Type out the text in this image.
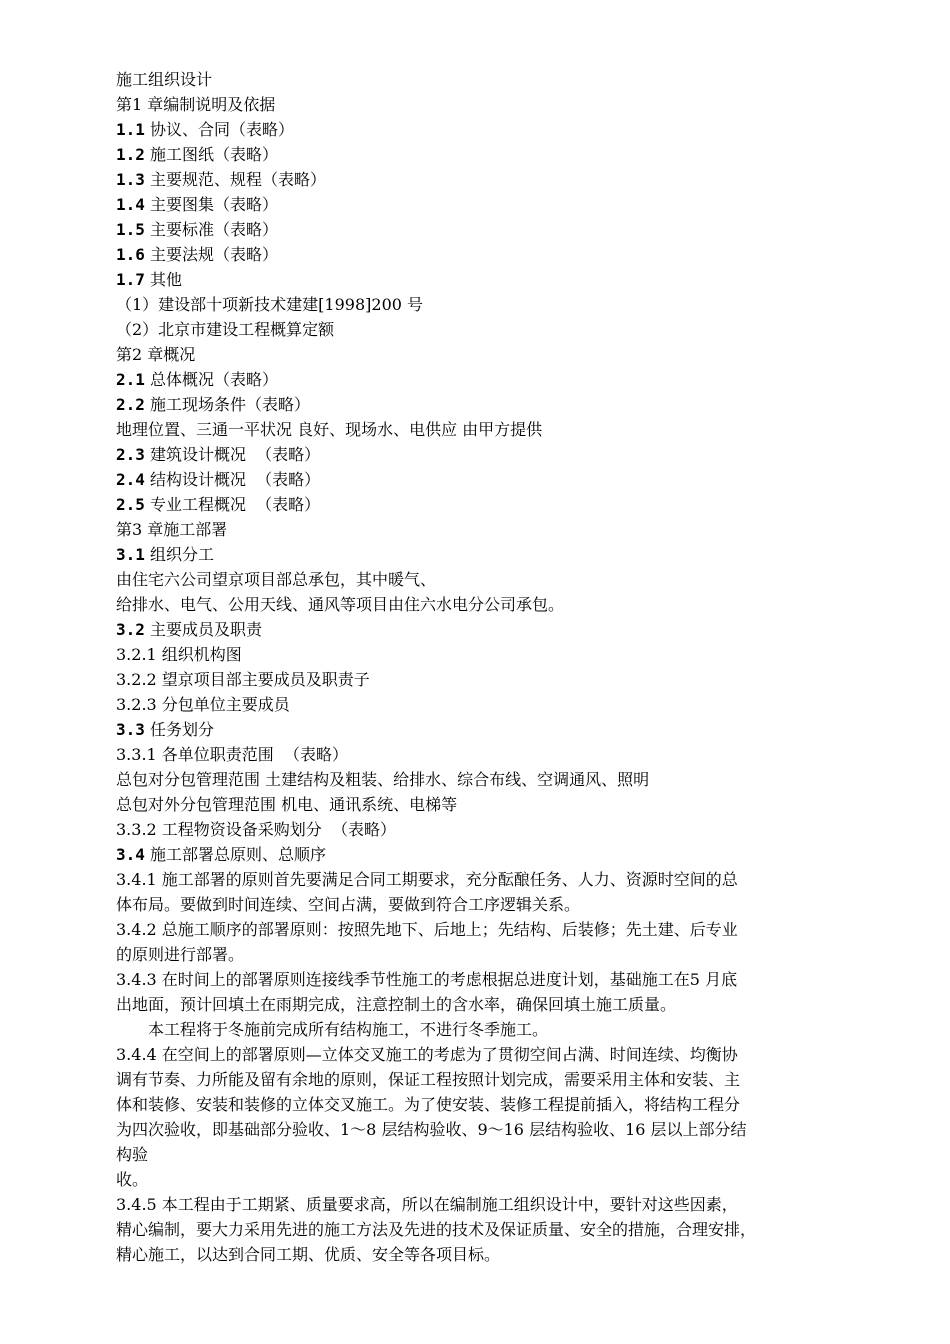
施工组织设计
第1 章编制说明及依据
1.1 协议、合同（表略）
1.2 施工图纸（表略）
1.3 主要规范、规程（表略）
1.4 主要图集（表略）
1.5 主要标准（表略）
1.6 主要法规（表略）
1.7 其他
（1）建设部十项新技术建建[1998]200 号
（2）北京市建设工程概算定额
第2 章概况
2.1 总体概况（表略）
2.2 施工现场条件（表略）
地理位置、三通一平状况 良好、现场水、电供应 由甲方提供
2.3 建筑设计概况  （表略）
2.4 结构设计概况  （表略）
2.5 专业工程概况  （表略）
第3 章施工部署
3.1 组织分工
由住宅六公司望京项目部总承包，其中暖气、
给排水、电气、公用天线、通风等项目由住六水电分公司承包。
3.2 主要成员及职责
3.2.1 组织机构图
3.2.2 望京项目部主要成员及职责子
3.2.3 分包单位主要成员
3.3 任务划分
3.3.1 各单位职责范围  （表略）
总包对分包管理范围 土建结构及粗装、给排水、综合布线、空调通风、照明
总包对外分包管理范围 机电、通讯系统、电梯等
3.3.2 工程物资设备采购划分  （表略）
3.4 施工部署总原则、总顺序
3.4.1 施工部署的原则首先要满足合同工期要求，充分酝酿任务、人力、资源时空间的总
体布局。要做到时间连续、空间占满，要做到符合工序逻辑关系。
3.4.2 总施工顺序的部署原则：按照先地下、后地上；先结构、后装修；先土建、后专业
的原则进行部署。
3.4.3 在时间上的部署原则连接线季节性施工的考虑根据总进度计划，基础施工在5 月底
出地面，预计回填土在雨期完成，注意控制土的含水率，确保回填土施工质量。
本工程将于冬施前完成所有结构施工，不进行冬季施工。
3.4.4 在空间上的部署原则—立体交叉施工的考虑为了贯彻空间占满、时间连续、均衡协
调有节奏、力所能及留有余地的原则，保证工程按照计划完成，需要采用主体和安装、主
体和装修、安装和装修的立体交叉施工。为了使安装、装修工程提前插入，将结构工程分
为四次验收，即基础部分验收、1～8 层结构验收、9～16 层结构验收、16 层以上部分结
构验
收。
3.4.5 本工程由于工期紧、质量要求高，所以在编制施工组织设计中，要针对这些因素，
精心编制，要大力采用先进的施工方法及先进的技术及保证质量、安全的措施，合理安排，
精心施工，以达到合同工期、优质、安全等各项目标。
